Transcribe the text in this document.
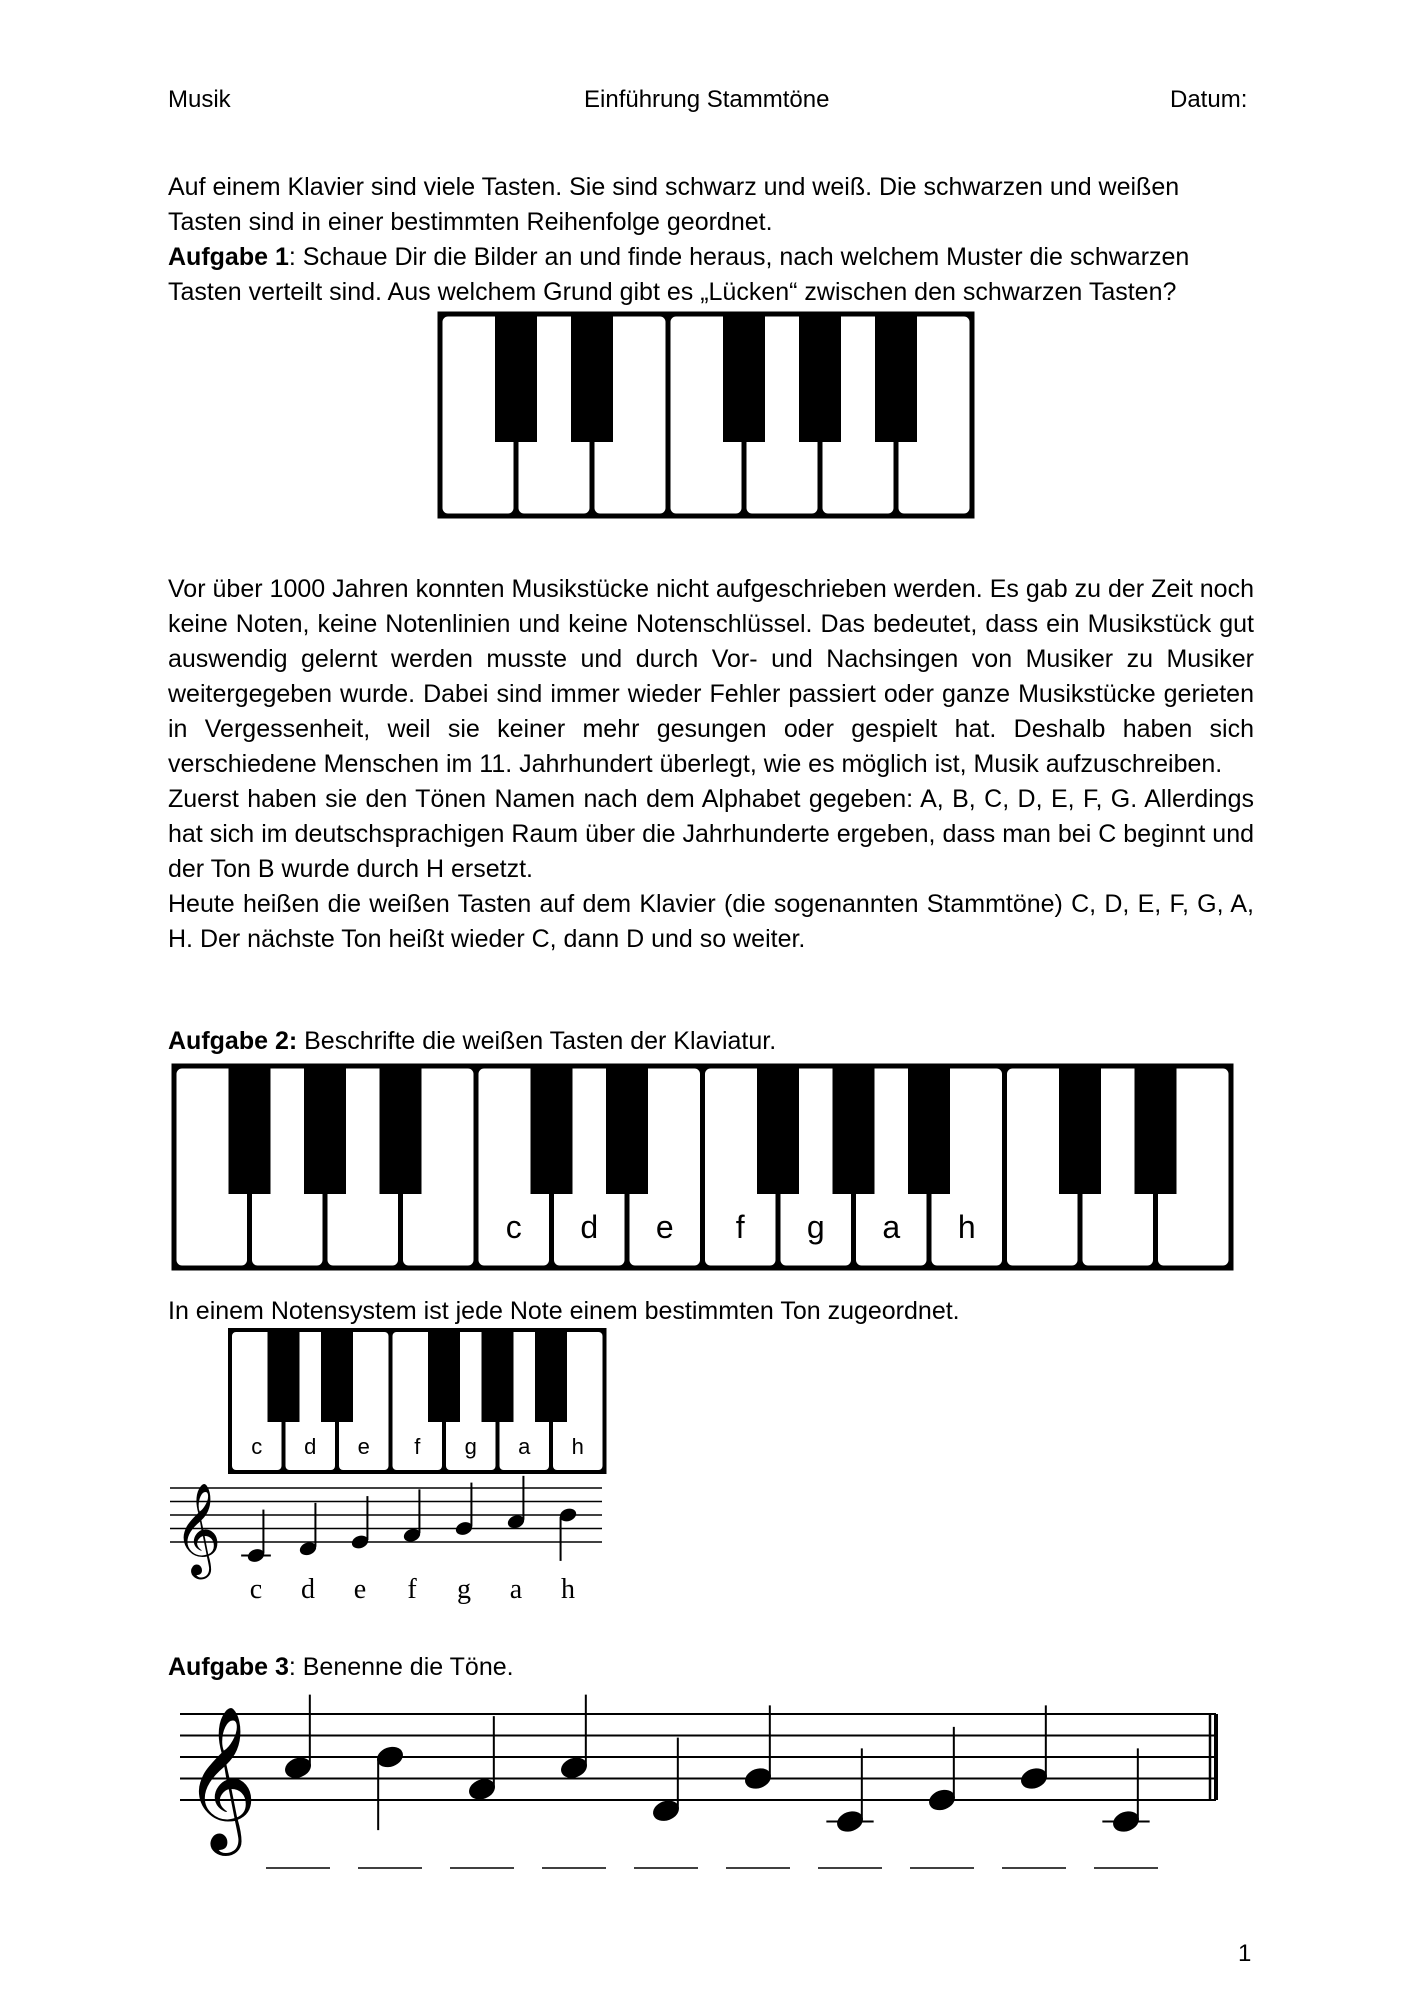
Musik	Einführung Stammtöne	Datum:

Auf einem Klavier sind viele Tasten. Sie sind schwarz und weiß. Die schwarzen und weißen Tasten sind in einer bestimmten Reihenfolge geordnet.

Aufgabe 1: Schaue Dir die Bilder an und finde heraus, nach welchem Muster die schwarzen Tasten verteilt sind. Aus welchem Grund gibt es „Lücken“ zwischen den schwarzen Tasten?

Vor über 1000 Jahren konnten Musikstücke nicht aufgeschrieben werden. Es gab zu der Zeit noch keine Noten, keine Notenlinien und keine Notenschlüssel. Das bedeutet, dass ein Musikstück gut auswendig gelernt werden musste und durch Vor- und Nachsingen von Musiker zu Musiker weitergegeben wurde. Dabei sind immer wieder Fehler passiert oder ganze Musikstücke gerieten in Vergessenheit, weil sie keiner mehr gesungen oder gespielt hat. Deshalb haben sich verschiedene Menschen im 11. Jahrhundert überlegt, wie es möglich ist, Musik aufzuschreiben.

Zuerst haben sie den Tönen Namen nach dem Alphabet gegeben: A, B, C, D, E, F, G. Allerdings hat sich im deutschsprachigen Raum über die Jahrhunderte ergeben, dass man bei C beginnt und der Ton B wurde durch H ersetzt.

Heute heißen die weißen Tasten auf dem Klavier (die sogenannten Stammtöne) C, D, E, F, G, A, H. Der nächste Ton heißt wieder C, dann D und so weiter.

Aufgabe 2: Beschrifte die weißen Tasten der Klaviatur.

c d e f g a h

In einem Notensystem ist jede Note einem bestimmten Ton zugeordnet.

c d e f g a h
𝄞
c d e f g a h

Aufgabe 3: Benenne die Töne.

𝄞
1
